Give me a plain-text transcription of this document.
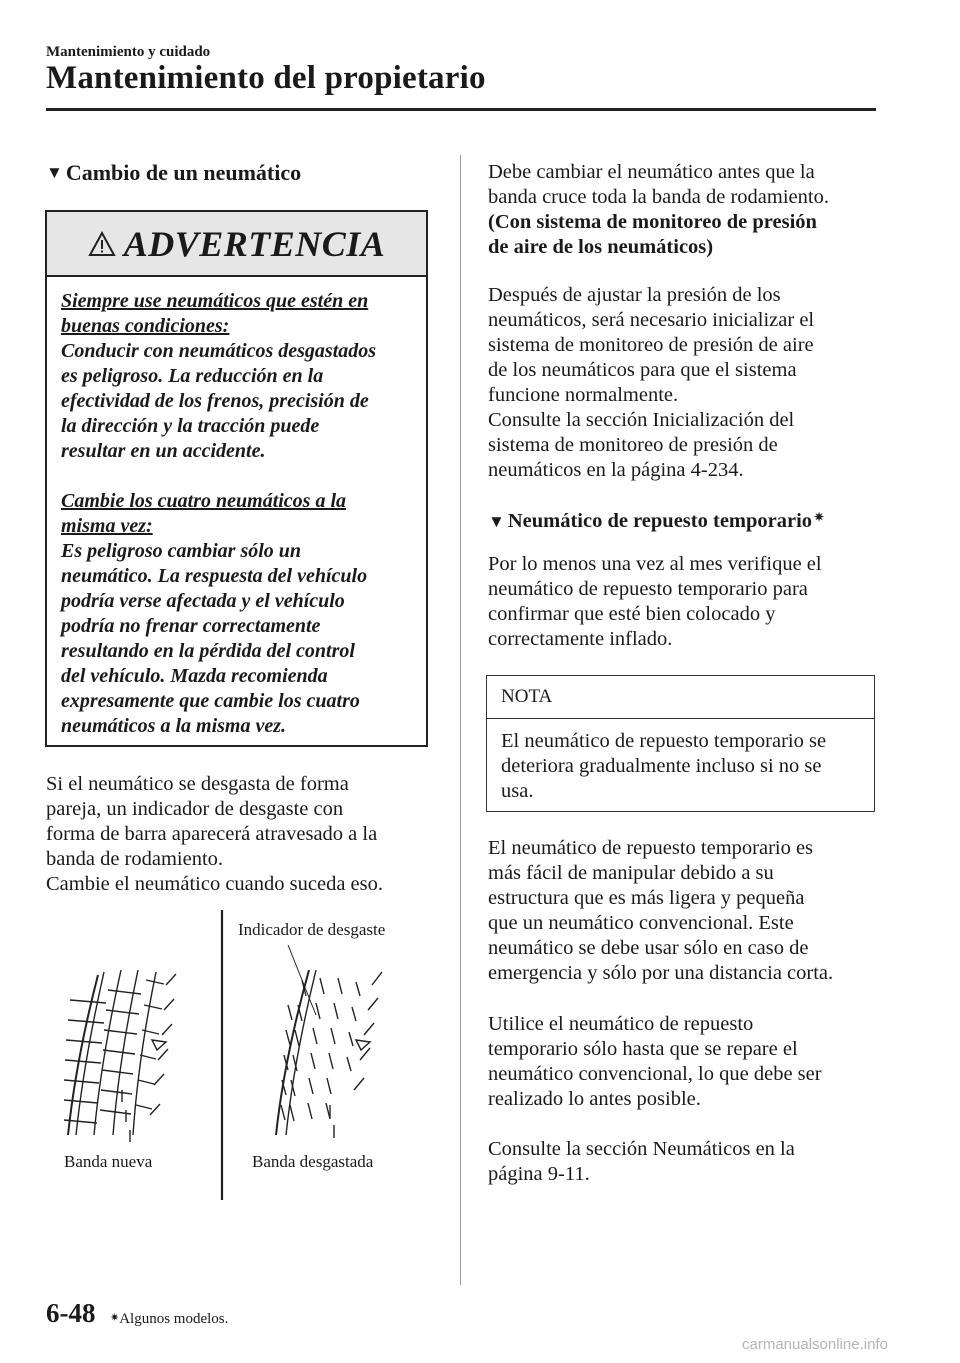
Mantenimiento y cuidado
Mantenimiento del propietario
▼ Cambio de un neumático
ADVERTENCIA
Siempre use neumáticos que estén en
buenas condiciones:
Conducir con neumáticos desgastados
es peligroso. La reducción en la
efectividad de los frenos, precisión de
la dirección y la tracción puede
resultar en un accidente.
Cambie los cuatro neumáticos a la
misma vez:
Es peligroso cambiar sólo un
neumático. La respuesta del vehículo
podría verse afectada y el vehículo
podría no frenar correctamente
resultando en la pérdida del control
del vehículo. Mazda recomienda
expresamente que cambie los cuatro
neumáticos a la misma vez.
Si el neumático se desgasta de forma
pareja, un indicador de desgaste con
forma de barra aparecerá atravesado a la
banda de rodamiento.
Cambie el neumático cuando suceda eso.
Indicador de desgaste
Banda nueva	Banda desgastada
Debe cambiar el neumático antes que la
banda cruce toda la banda de rodamiento.
(Con sistema de monitoreo de presión
de aire de los neumáticos)
Después de ajustar la presión de los
neumáticos, será necesario inicializar el
sistema de monitoreo de presión de aire
de los neumáticos para que el sistema
funcione normalmente.
Consulte la sección Inicialización del
sistema de monitoreo de presión de
neumáticos en la página 4-234.
▼ Neumático de repuesto temporario ✷
Por lo menos una vez al mes verifique el
neumático de repuesto temporario para
confirmar que esté bien colocado y
correctamente inflado.
NOTA
El neumático de repuesto temporario se
deteriora gradualmente incluso si no se
usa.
El neumático de repuesto temporario es
más fácil de manipular debido a su
estructura que es más ligera y pequeña
que un neumático convencional. Este
neumático se debe usar sólo en caso de
emergencia y sólo por una distancia corta.
Utilice el neumático de repuesto
temporario sólo hasta que se repare el
neumático convencional, lo que debe ser
realizado lo antes posible.
Consulte la sección Neumáticos en la
página 9-11.
6-48 ✷Algunos modelos.
carmanualsonline.info
